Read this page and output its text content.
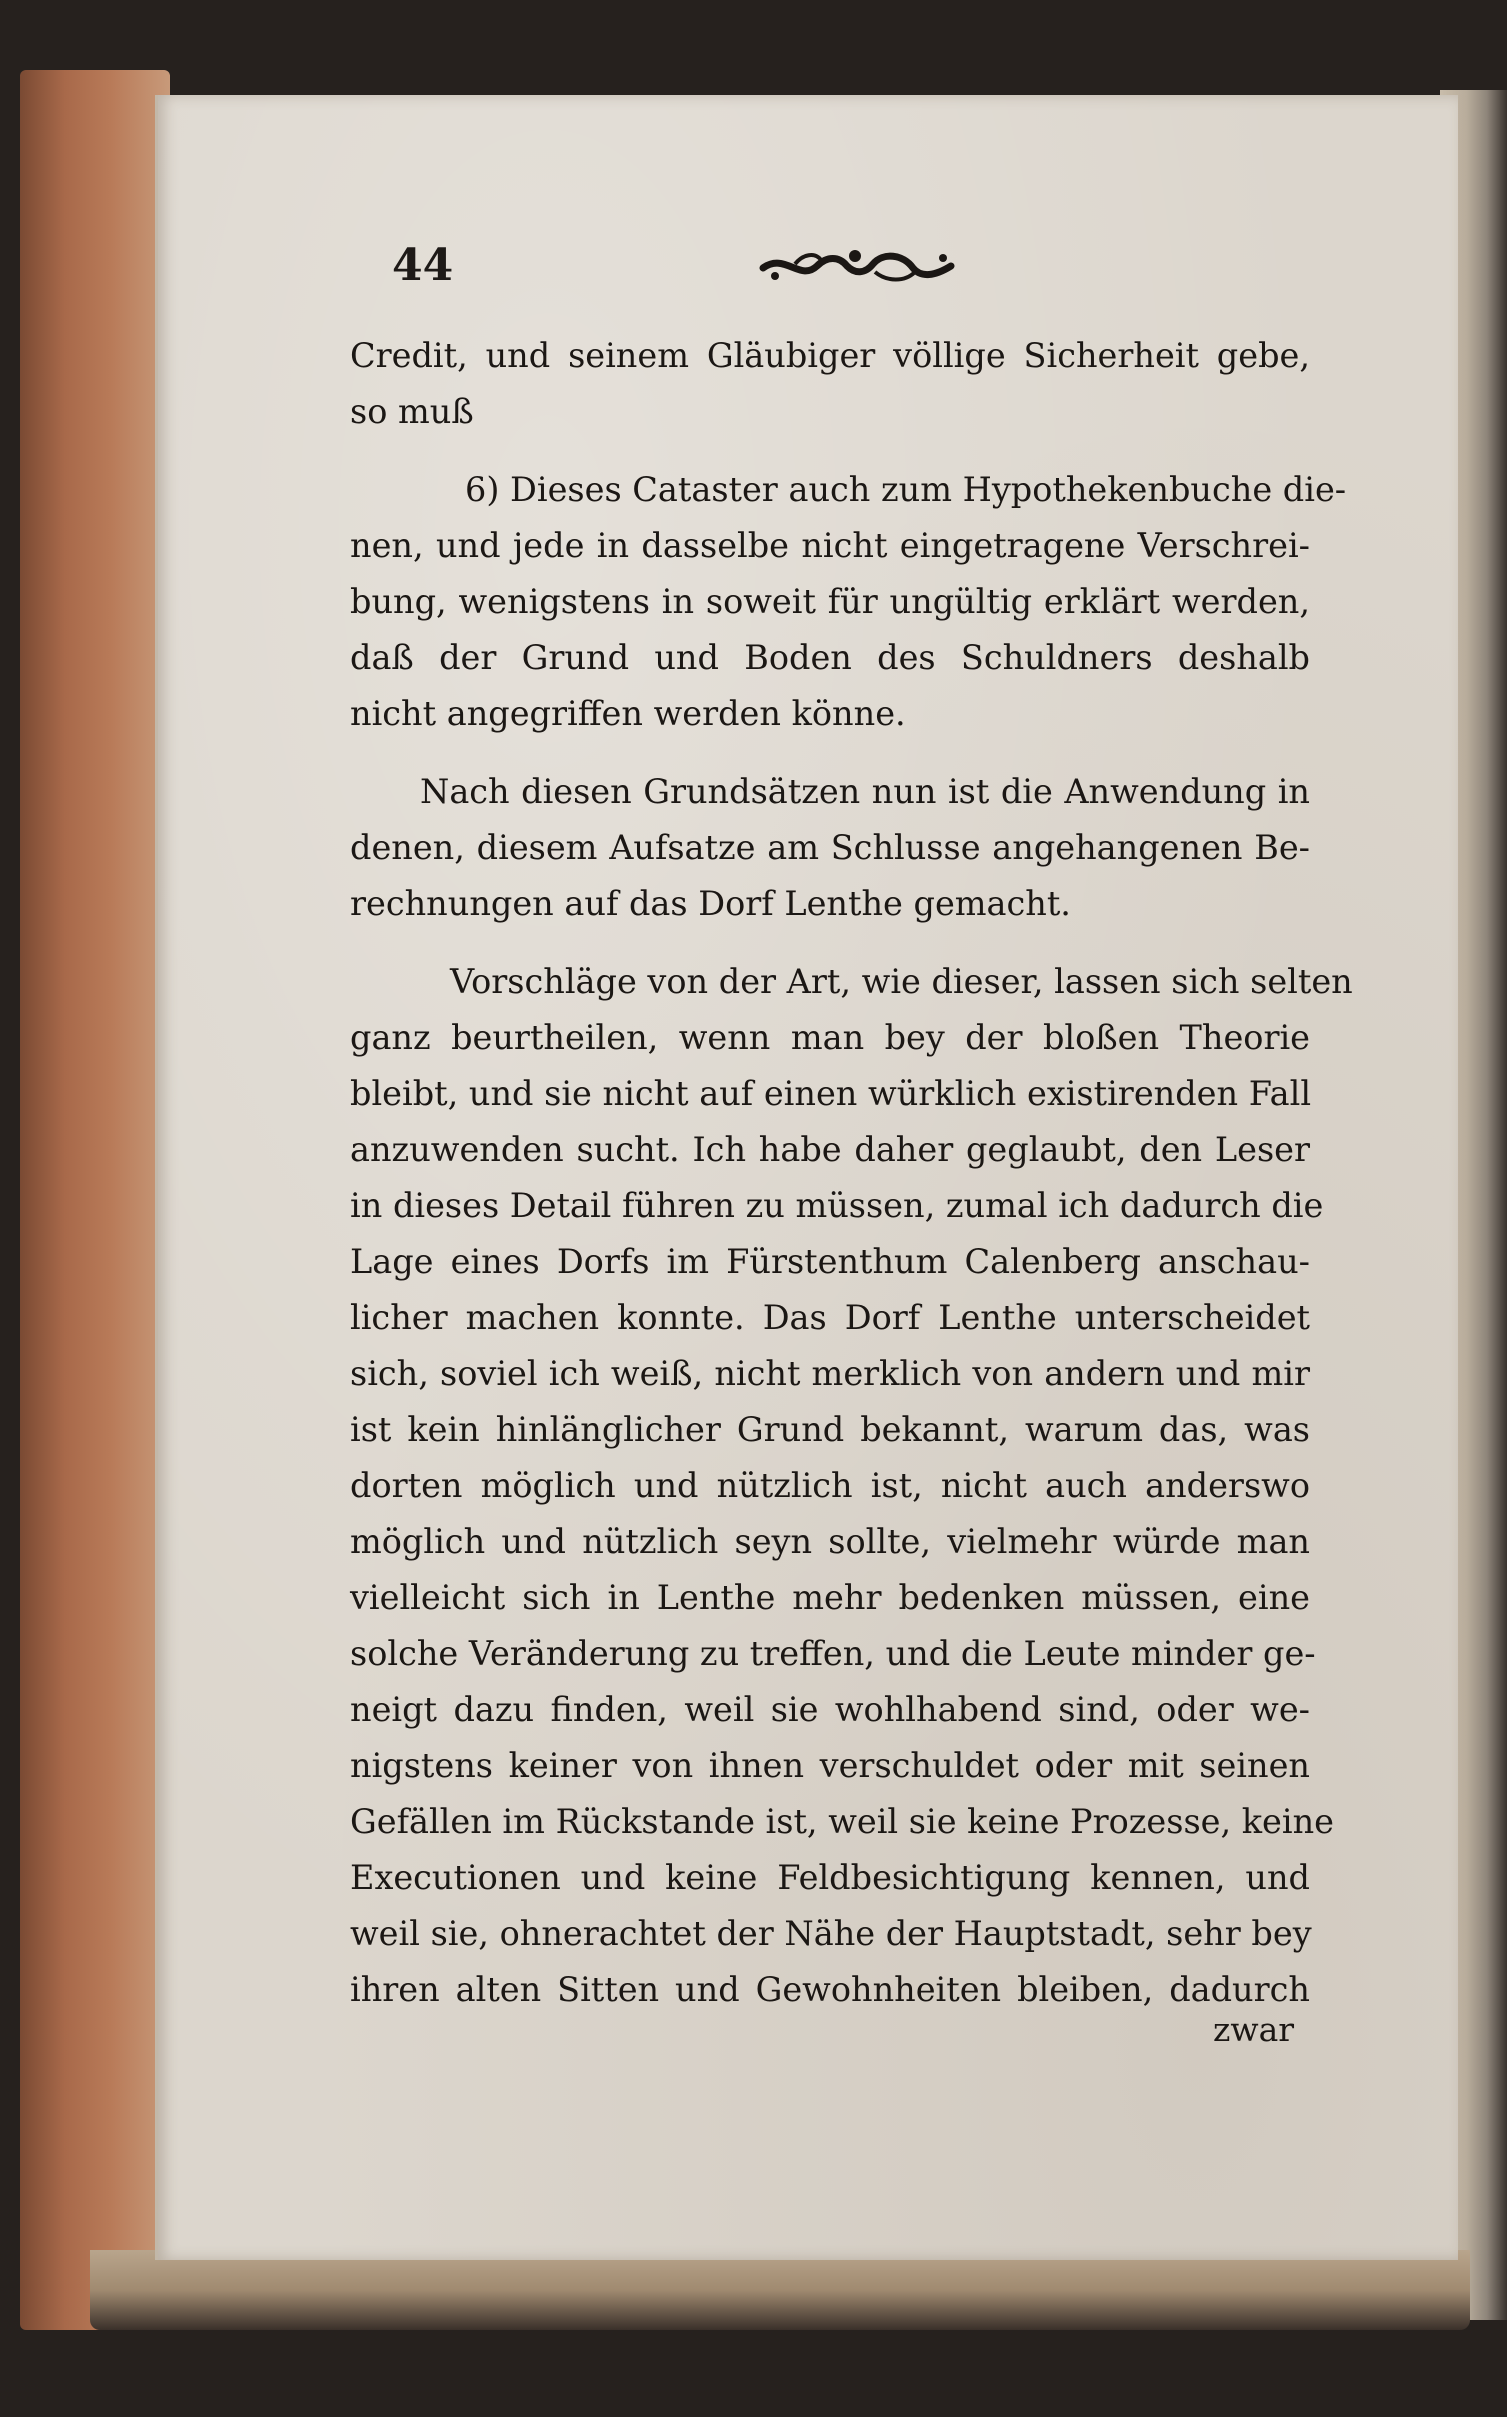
44
Credit, und seinem Gläubiger völlige Sicherheit gebe,
so muß
6) Dieses Cataster auch zum Hypothekenbuche die-
nen, und jede in dasselbe nicht eingetragene Verschrei-
bung, wenigstens in soweit für ungültig erklärt werden,
daß der Grund und Boden des Schuldners deshalb
nicht angegriffen werden könne.
Nach diesen Grundsätzen nun ist die Anwendung in
denen, diesem Aufsatze am Schlusse angehangenen Be-
rechnungen auf das Dorf Lenthe gemacht.
Vorschläge von der Art, wie dieser, lassen sich selten
ganz beurtheilen, wenn man bey der bloßen Theorie
bleibt, und sie nicht auf einen würklich existirenden Fall
anzuwenden sucht. Ich habe daher geglaubt, den Leser
in dieses Detail führen zu müssen, zumal ich dadurch die
Lage eines Dorfs im Fürstenthum Calenberg anschau-
licher machen konnte. Das Dorf Lenthe unterscheidet
sich, soviel ich weiß, nicht merklich von andern und mir
ist kein hinlänglicher Grund bekannt, warum das, was
dorten möglich und nützlich ist, nicht auch anderswo
möglich und nützlich seyn sollte, vielmehr würde man
vielleicht sich in Lenthe mehr bedenken müssen, eine
solche Veränderung zu treffen, und die Leute minder ge-
neigt dazu finden, weil sie wohlhabend sind, oder we-
nigstens keiner von ihnen verschuldet oder mit seinen
Gefällen im Rückstande ist, weil sie keine Prozesse, keine
Executionen und keine Feldbesichtigung kennen, und
weil sie, ohnerachtet der Nähe der Hauptstadt, sehr bey
ihren alten Sitten und Gewohnheiten bleiben, dadurch
zwar
